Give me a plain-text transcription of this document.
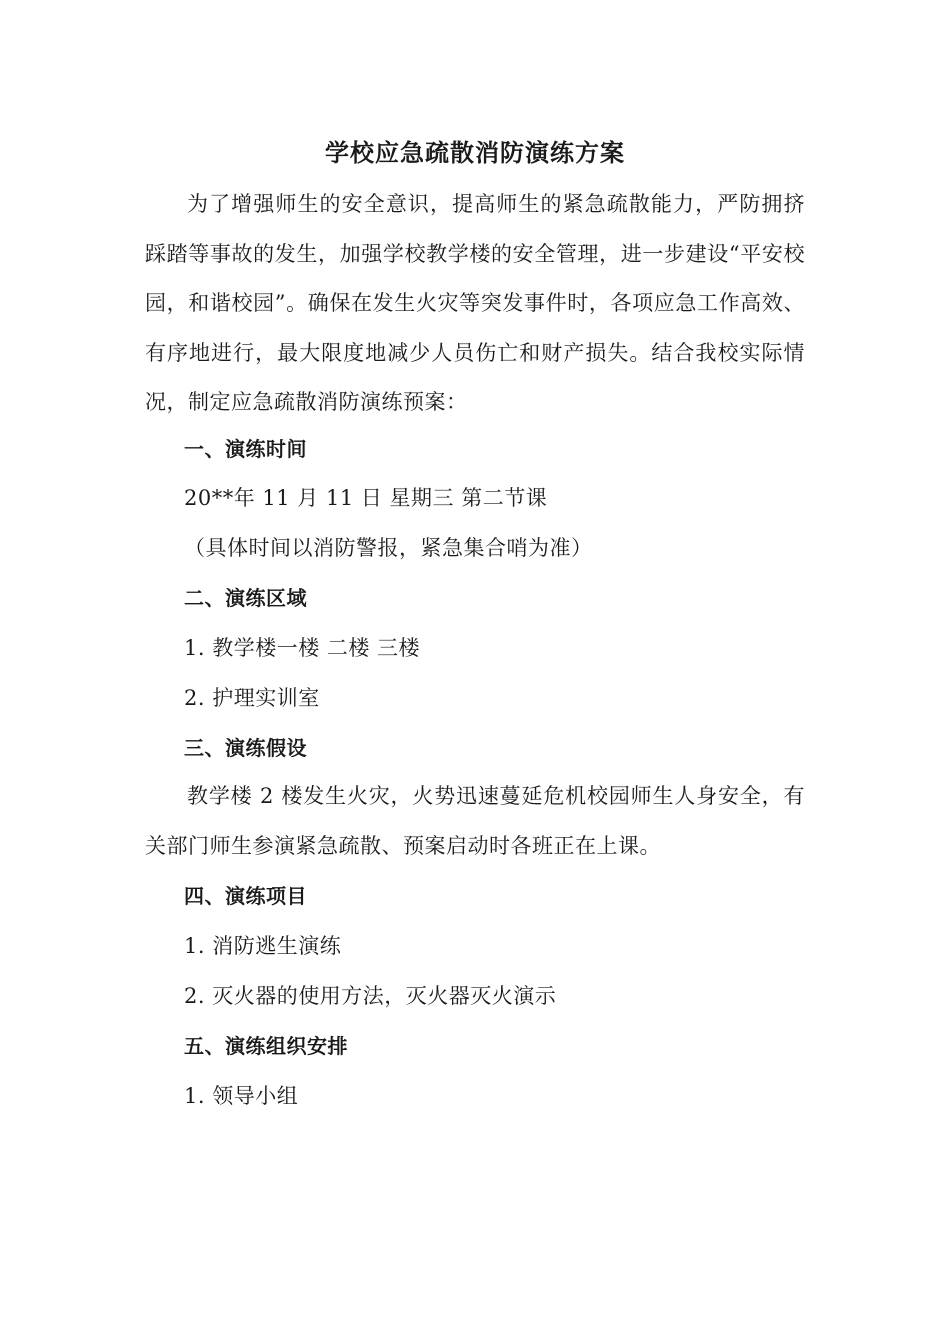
学校应急疏散消防演练方案

为了增强师生的安全意识，提高师生的紧急疏散能力，严防拥挤踩踏等事故的发生，加强学校教学楼的安全管理，进一步建设“平安校园，和谐校园”。确保在发生火灾等突发事件时，各项应急工作高效、有序地进行，最大限度地减少人员伤亡和财产损失。结合我校实际情况，制定应急疏散消防演练预案：

一、演练时间

20**年 11 月 11 日 星期三 第二节课

（具体时间以消防警报，紧急集合哨为准）

二、演练区域

1. 教学楼一楼 二楼 三楼

2. 护理实训室

三、演练假设

教学楼 2 楼发生火灾，火势迅速蔓延危机校园师生人身安全，有关部门师生参演紧急疏散、预案启动时各班正在上课。

四、演练项目

1. 消防逃生演练

2. 灭火器的使用方法，灭火器灭火演示

五、演练组织安排

1. 领导小组
